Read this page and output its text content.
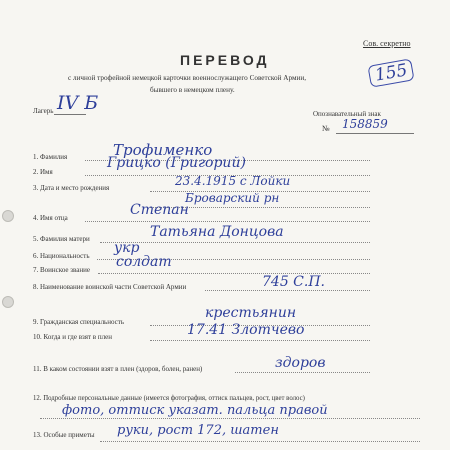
Сов. секретно
155
ПЕРЕВОД
с личной трофейной немецкой карточки военнослужащего Советской Армии,
бывшего в немецком плену.
Лагерь IV Б	Опознавательный знак
№ 158859
1. Фамилия	Трофименко
2. Имя
Грицко (Григорий)
3. Дата и место рождения	23.4.1915 с Лойки
Броварский рн
4. Имя отца	Степан
5. Фамилия матери	Татьяна Донцова
6. Национальность укр
7. Воинское звание солдат
8. Наименование воинской части Советской Армии	745 С.П.
9. Гражданская специальность
крестьянин
10. Когда и где взят в плен	17.41 Злотчево
11. В каком состоянии взят в плен (здоров, болен, ранен)	здоров
12. Подробные персональные данные (имеется фотография, оттиск пальцев, рост, цвет волос)
фото, оттиск указат. пальца правой
13. Особые приметы руки, рост 172, шатен
